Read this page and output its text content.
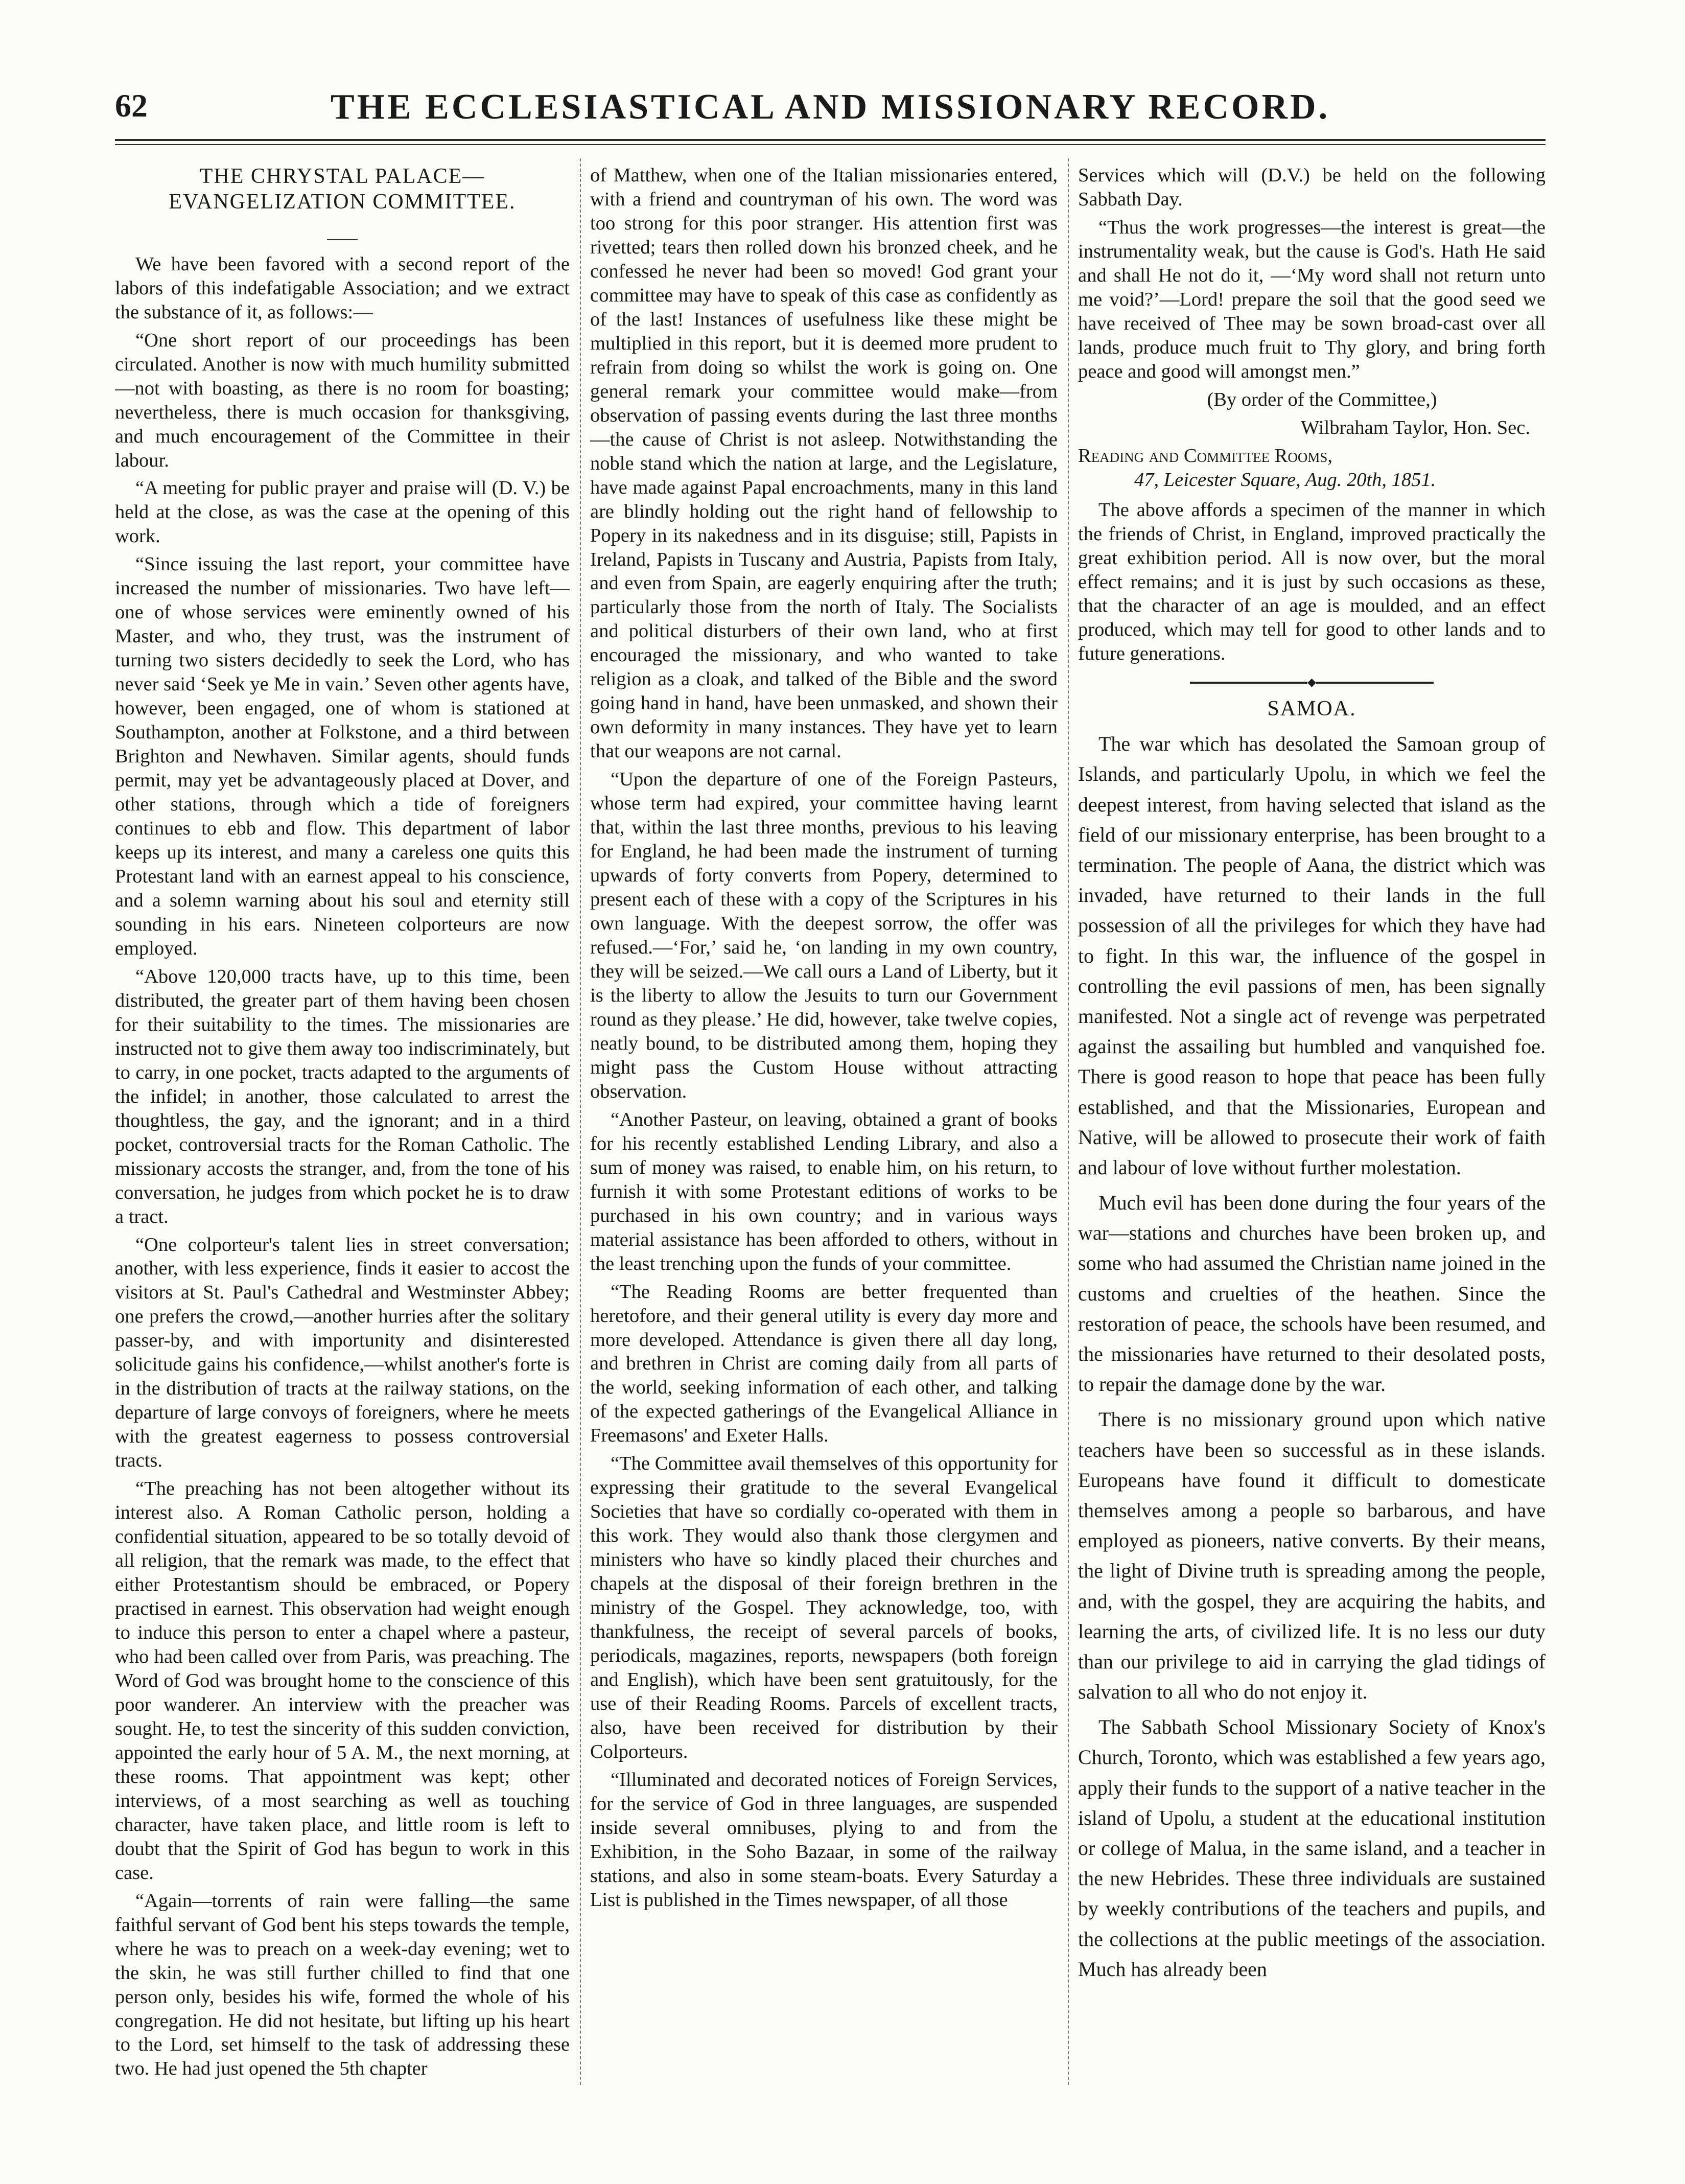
62	THE ECCLESIASTICAL AND MISSIONARY RECORD.
THE CHRYSTAL PALACE—EVANGELIZATION COMMITTEE.

We have been favored with a second report of the labors of this indefatigable Association; and we extract the substance of it, as follows:—

“One short report of our proceedings has been circulated. Another is now with much humility submitted—not with boasting, as there is no room for boasting; nevertheless, there is much occasion for thanksgiving, and much encouragement of the Committee in their labour.

“A meeting for public prayer and praise will (D. V.) be held at the close, as was the case at the opening of this work.

“Since issuing the last report, your committee have increased the number of missionaries. Two have left—one of whose services were eminently owned of his Master, and who, they trust, was the instrument of turning two sisters decidedly to seek the Lord, who has never said ‘Seek ye Me in vain.’ Seven other agents have, however, been engaged, one of whom is stationed at Southampton, another at Folkstone, and a third between Brighton and Newhaven. Similar agents, should funds permit, may yet be advantageously placed at Dover, and other stations, through which a tide of foreigners continues to ebb and flow. This department of labor keeps up its interest, and many a careless one quits this Protestant land with an earnest appeal to his conscience, and a solemn warning about his soul and eternity still sounding in his ears. Nineteen colporteurs are now employed.

“Above 120,000 tracts have, up to this time, been distributed, the greater part of them having been chosen for their suitability to the times. The missionaries are instructed not to give them away too indiscriminately, but to carry, in one pocket, tracts adapted to the arguments of the infidel; in another, those calculated to arrest the thoughtless, the gay, and the ignorant; and in a third pocket, controversial tracts for the Roman Catholic. The missionary accosts the stranger, and, from the tone of his conversation, he judges from which pocket he is to draw a tract.

“One colporteur's talent lies in street conversation; another, with less experience, finds it easier to accost the visitors at St. Paul's Cathedral and Westminster Abbey; one prefers the crowd,—another hurries after the solitary passer-by, and with importunity and disinterested solicitude gains his confidence,—whilst another's forte is in the distribution of tracts at the railway stations, on the departure of large convoys of foreigners, where he meets with the greatest eagerness to possess controversial tracts.

“The preaching has not been altogether without its interest also. A Roman Catholic person, holding a confidential situation, appeared to be so totally devoid of all religion, that the remark was made, to the effect that either Protestantism should be embraced, or Popery practised in earnest. This observation had weight enough to induce this person to enter a chapel where a pasteur, who had been called over from Paris, was preaching. The Word of God was brought home to the conscience of this poor wanderer. An interview with the preacher was sought. He, to test the sincerity of this sudden conviction, appointed the early hour of 5 A. M., the next morning, at these rooms. That appointment was kept; other interviews, of a most searching as well as touching character, have taken place, and little room is left to doubt that the Spirit of God has begun to work in this case.

“Again—torrents of rain were falling—the same faithful servant of God bent his steps towards the temple, where he was to preach on a week-day evening; wet to the skin, he was still further chilled to find that one person only, besides his wife, formed the whole of his congregation. He did not hesitate, but lifting up his heart to the Lord, set himself to the task of addressing these two. He had just opened the 5th chapter

of Matthew, when one of the Italian missionaries entered, with a friend and countryman of his own. The word was too strong for this poor stranger. His attention first was rivetted; tears then rolled down his bronzed cheek, and he confessed he never had been so moved! God grant your committee may have to speak of this case as confidently as of the last! Instances of usefulness like these might be multiplied in this report, but it is deemed more prudent to refrain from doing so whilst the work is going on. One general remark your committee would make—from observation of passing events during the last three months—the cause of Christ is not asleep. Notwithstanding the noble stand which the nation at large, and the Legislature, have made against Papal encroachments, many in this land are blindly holding out the right hand of fellowship to Popery in its nakedness and in its disguise; still, Papists in Ireland, Papists in Tuscany and Austria, Papists from Italy, and even from Spain, are eagerly enquiring after the truth; particularly those from the north of Italy. The Socialists and political disturbers of their own land, who at first encouraged the missionary, and who wanted to take religion as a cloak, and talked of the Bible and the sword going hand in hand, have been unmasked, and shown their own deformity in many instances. They have yet to learn that our weapons are not carnal.

“Upon the departure of one of the Foreign Pasteurs, whose term had expired, your committee having learnt that, within the last three months, previous to his leaving for England, he had been made the instrument of turning upwards of forty converts from Popery, determined to present each of these with a copy of the Scriptures in his own language. With the deepest sorrow, the offer was refused.—‘For,’ said he, ‘on landing in my own country, they will be seized.—We call ours a Land of Liberty, but it is the liberty to allow the Jesuits to turn our Government round as they please.’ He did, however, take twelve copies, neatly bound, to be distributed among them, hoping they might pass the Custom House without attracting observation.

“Another Pasteur, on leaving, obtained a grant of books for his recently established Lending Library, and also a sum of money was raised, to enable him, on his return, to furnish it with some Protestant editions of works to be purchased in his own country; and in various ways material assistance has been afforded to others, without in the least trenching upon the funds of your committee.

“The Reading Rooms are better frequented than heretofore, and their general utility is every day more and more developed. Attendance is given there all day long, and brethren in Christ are coming daily from all parts of the world, seeking information of each other, and talking of the expected gatherings of the Evangelical Alliance in Freemasons' and Exeter Halls.

“The Committee avail themselves of this opportunity for expressing their gratitude to the several Evangelical Societies that have so cordially co-operated with them in this work. They would also thank those clergymen and ministers who have so kindly placed their churches and chapels at the disposal of their foreign brethren in the ministry of the Gospel. They acknowledge, too, with thankfulness, the receipt of several parcels of books, periodicals, magazines, reports, newspapers (both foreign and English), which have been sent gratuitously, for the use of their Reading Rooms. Parcels of excellent tracts, also, have been received for distribution by their Colporteurs.

“Illuminated and decorated notices of Foreign Services, for the service of God in three languages, are suspended inside several omnibuses, plying to and from the Exhibition, in the Soho Bazaar, in some of the railway stations, and also in some steam-boats. Every Saturday a List is published in the Times newspaper, of all those

Services which will (D.V.) be held on the following Sabbath Day.

“Thus the work progresses—the interest is great—the instrumentality weak, but the cause is God's. Hath He said and shall He not do it, —‘My word shall not return unto me void?’—Lord! prepare the soil that the good seed we have received of Thee may be sown broad-cast over all lands, produce much fruit to Thy glory, and bring forth peace and good will amongst men.”

(By order of the Committee,)

Wilbraham Taylor, Hon. Sec.

Reading and Committee Rooms,

47, Leicester Square, Aug. 20th, 1851.

The above affords a specimen of the manner in which the friends of Christ, in England, improved practically the great exhibition period. All is now over, but the moral effect remains; and it is just by such occasions as these, that the character of an age is moulded, and an effect produced, which may tell for good to other lands and to future generations.

◆
SAMOA.

The war which has desolated the Samoan group of Islands, and particularly Upolu, in which we feel the deepest interest, from having selected that island as the field of our missionary enterprise, has been brought to a termination. The people of Aana, the district which was invaded, have returned to their lands in the full possession of all the privileges for which they have had to fight. In this war, the influence of the gospel in controlling the evil passions of men, has been signally manifested. Not a single act of revenge was perpetrated against the assailing but humbled and vanquished foe. There is good reason to hope that peace has been fully established, and that the Missionaries, European and Native, will be allowed to prosecute their work of faith and labour of love without further molestation.

Much evil has been done during the four years of the war—stations and churches have been broken up, and some who had assumed the Christian name joined in the customs and cruelties of the heathen. Since the restoration of peace, the schools have been resumed, and the missionaries have returned to their desolated posts, to repair the damage done by the war.

There is no missionary ground upon which native teachers have been so successful as in these islands. Europeans have found it difficult to domesticate themselves among a people so barbarous, and have employed as pioneers, native converts. By their means, the light of Divine truth is spreading among the people, and, with the gospel, they are acquiring the habits, and learning the arts, of civilized life. It is no less our duty than our privilege to aid in carrying the glad tidings of salvation to all who do not enjoy it.

The Sabbath School Missionary Society of Knox's Church, Toronto, which was established a few years ago, apply their funds to the support of a native teacher in the island of Upolu, a student at the educational institution or college of Malua, in the same island, and a teacher in the new Hebrides. These three individuals are sustained by weekly contributions of the teachers and pupils, and the collections at the public meetings of the association. Much has already been
